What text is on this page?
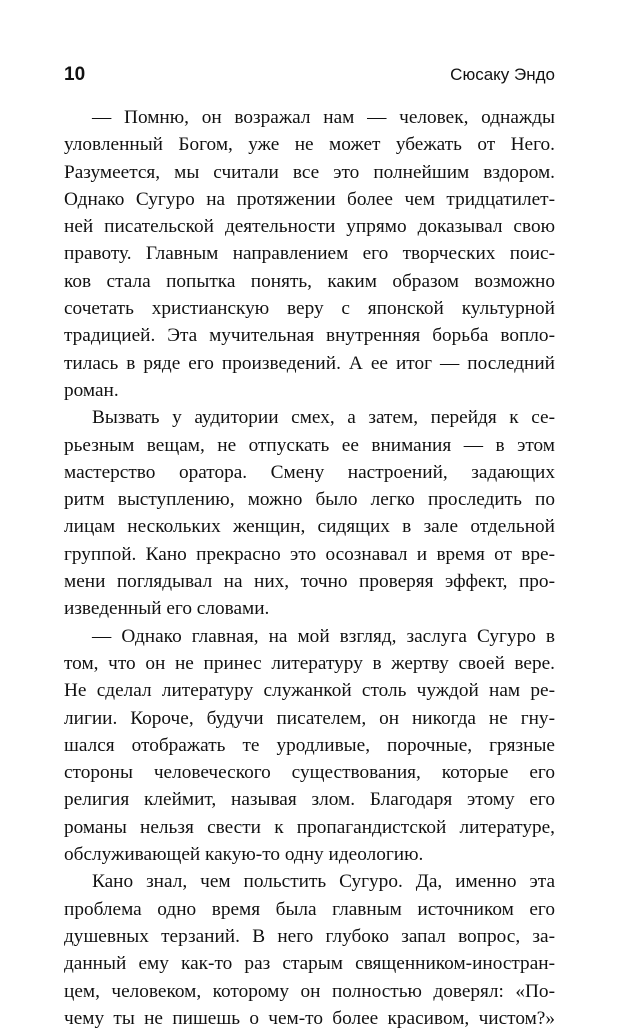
10	Сюсаку Эндо

— Помню, он возражал нам — человек, однажды
уловленный Богом, уже не может убежать от Него.
Разумеется, мы считали все это полнейшим вздором.
Однако Сугуро на протяжении более чем тридцатилет-
ней писательской деятельности упрямо доказывал свою
правоту. Главным направлением его творческих поис-
ков стала попытка понять, каким образом возможно
сочетать христианскую веру с японской культурной
традицией. Эта мучительная внутренняя борьба вопло-
тилась в ряде его произведений. А ее итог — последний
роман.

Вызвать у аудитории смех, а затем, перейдя к се-
рьезным вещам, не отпускать ее внимания — в этом
мастерство оратора. Смену настроений, задающих
ритм выступлению, можно было легко проследить по
лицам нескольких женщин, сидящих в зале отдельной
группой. Кано прекрасно это осознавал и время от вре-
мени поглядывал на них, точно проверяя эффект, про-
изведенный его словами.

— Однако главная, на мой взгляд, заслуга Сугуро в
том, что он не принес литературу в жертву своей вере.
Не сделал литературу служанкой столь чуждой нам ре-
лигии. Короче, будучи писателем, он никогда не гну-
шался отображать те уродливые, порочные, грязные
стороны человеческого существования, которые его
религия клеймит, называя злом. Благодаря этому его
романы нельзя свести к пропагандистской литературе,
обслуживающей какую-то одну идеологию.

Кано знал, чем польстить Сугуро. Да, именно эта
проблема одно время была главным источником его
душевных терзаний. В него глубоко запал вопрос, за-
данный ему как-то раз старым священником-иностран-
цем, человеком, которому он полностью доверял: «По-
чему ты не пишешь о чем-то более красивом, чистом?»
